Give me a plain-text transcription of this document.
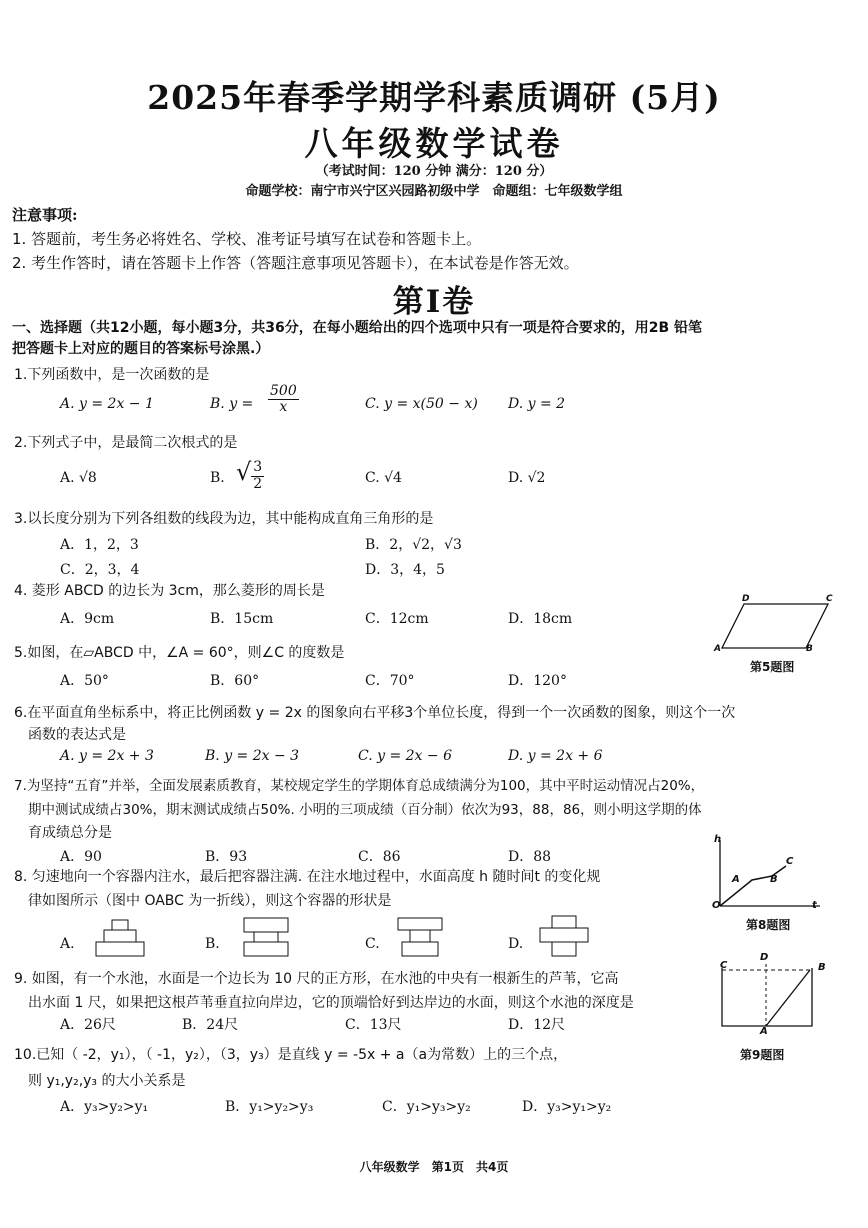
2025年春季学期学科素质调研 (5月)
八年级数学试卷
（考试时间：120 分钟 满分：120 分）
命题学校：南宁市兴宁区兴园路初级中学　命题组：七年级数学组
注意事项:
1. 答题前，考生务必将姓名、学校、准考证号填写在试卷和答题卡上。
2. 考生作答时，请在答题卡上作答（答题注意事项见答题卡），在本试卷是作答无效。
第Ⅰ卷
一、选择题（共12小题，每小题3分，共36分，在每小题给出的四个选项中只有一项是符合要求的，用2B 铅笔
把答题卡上对应的题目的答案标号涂黑.）
1.下列函数中，是一次函数的是
A. y = 2x − 1	B. $y = \frac{500}{x}$	C. y = x(50 − x) D. y = 2
2.下列式子中，是最简二次根式的是
A. √8	B. √ $\frac{3}{2}$	C. √4	D. √2
3.以长度分别为下列各组数的线段为边，其中能构成直角三角形的是
A．1，2，3	B．2，√2，√3
C．2，3，4	D．3，4，5
4. 菱形 ABCD 的边长为 3cm，那么菱形的周长是
A．9cm	B．15cm	C．12cm	D．18cm
D	C
A	B
第5题图
5.如图，在▱ABCD 中，∠A = 60°，则∠C 的度数是
A．50°	B．60°	C．70°	D．120°
6.在平面直角坐标系中，将正比例函数 y = 2x 的图象向右平移3个单位长度，得到一个一次函数的图象，则这个一次
函数的表达式是
A. y = 2x + 3	B. y = 2x − 3	C. y = 2x − 6	D. y = 2x + 6
7.为坚持“五育”并举，全面发展素质教育，某校规定学生的学期体育总成绩满分为100，其中平时运动情况占20%，
期中测试成绩占30%，期末测试成绩占50%. 小明的三项成绩（百分制）依次为93，88，86，则小明这学期的体
育成绩总分是
A．90	B．93	C．86	D．88
h
O
A	B
C
t
第8题图
8. 匀速地向一个容器内注水，最后把容器注满. 在注水地过程中，水面高度 h 随时间t 的变化规
律如图所示（图中 OABC 为一折线），则这个容器的形状是
A.	B.	C.	D.
C
D
B
A
第9题图
9. 如图，有一个水池，水面是一个边长为 10 尺的正方形，在水池的中央有一根新生的芦苇，它高
出水面 1 尺，如果把这根芦苇垂直拉向岸边，它的顶端恰好到达岸边的水面，则这个水池的深度是
A．26尺	B．24尺	C．13尺	D．12尺
10.已知（ -2，y₁），（ -1，y₂），（3，y₃）是直线 y = -5x + a（a为常数）上的三个点，
则 y₁,y₂,y₃ 的大小关系是
A．y₃>y₂>y₁	B．y₁>y₂>y₃	C．y₁>y₃>y₂	D．y₃>y₁>y₂
八年级数学　第1页　共4页
